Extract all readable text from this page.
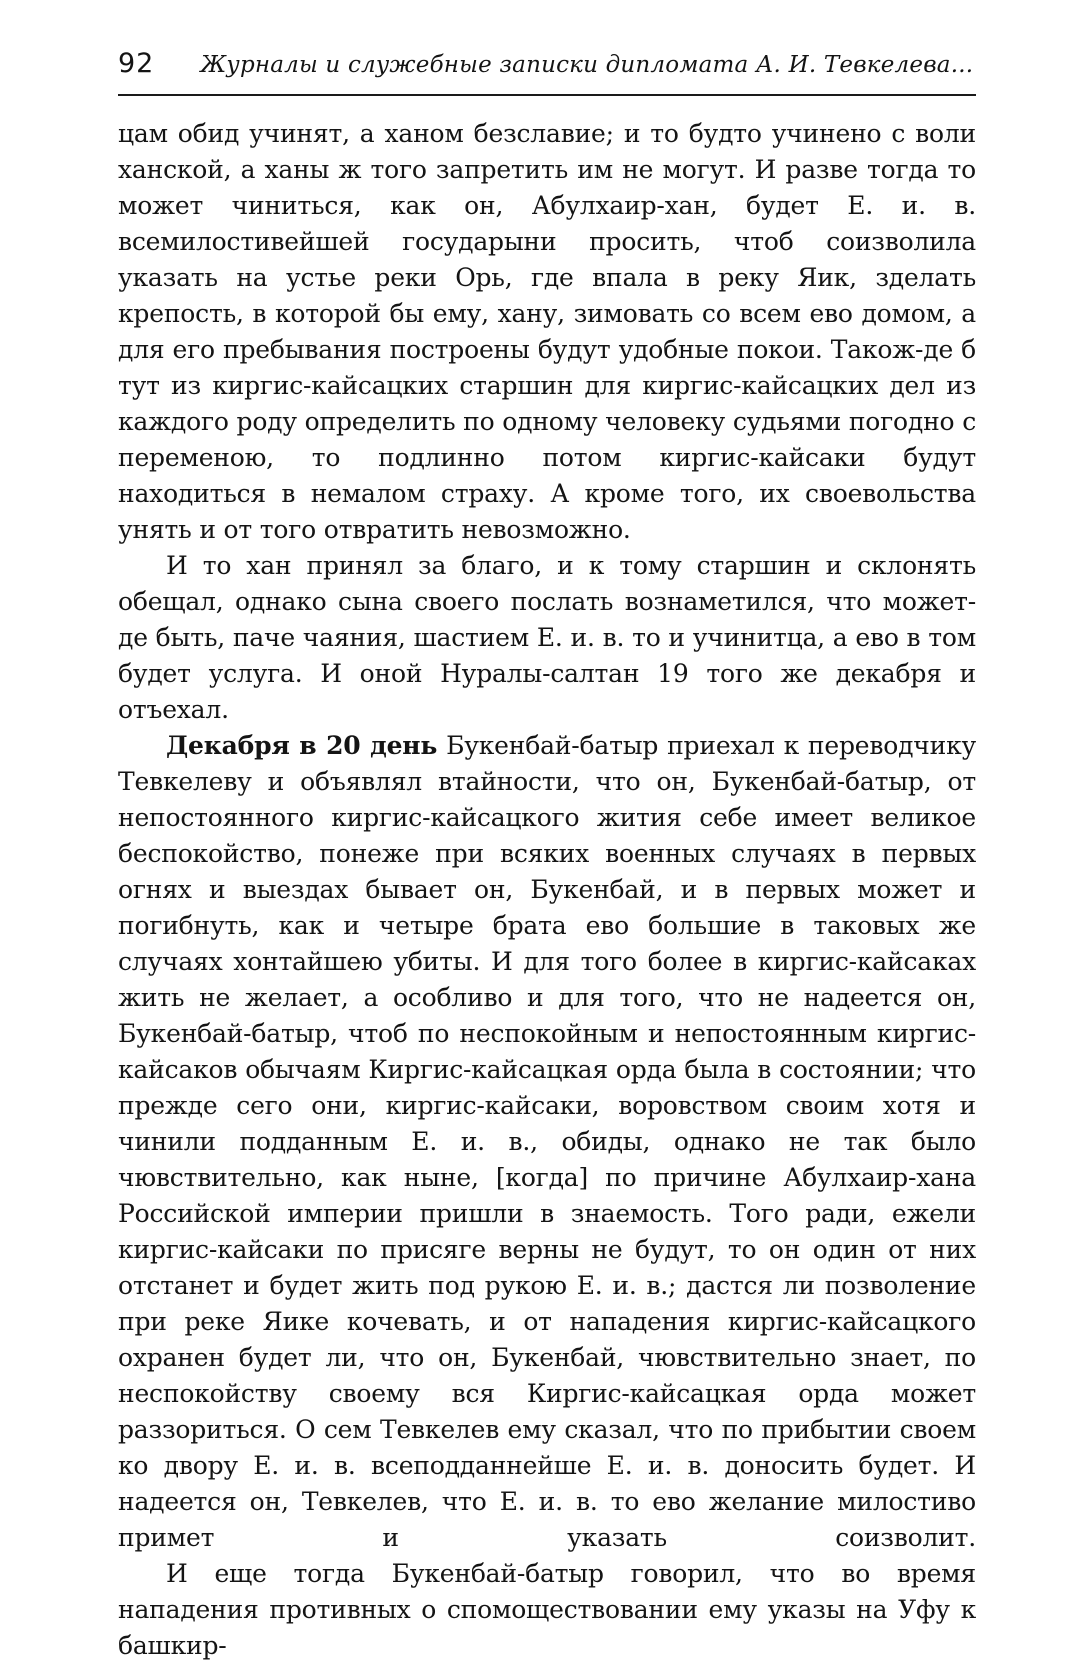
92 Журналы и служебные записки дипломата А. И. Тевкелева...

цам обид учинят, а ханом безславие; и то будто учинено с воли ханской, а ханы ж того запретить им не могут. И разве тогда то может чиниться, как он, Абулхаир-хан, будет Е. и. в. всемилостивейшей государыни просить, чтоб соизволила указать на устье реки Орь, где впала в реку Яик, зделать крепость, в которой бы ему, хану, зимовать со всем ево домом, а для его пребывания построены будут удобные покои. Також-де б тут из киргис-кайсацких старшин для киргис-кайсацких дел из каждого роду определить по одному человеку судьями погодно с переменою, то подлинно потом киргис-кайсаки будут находиться в немалом страху. А кроме того, их своевольства унять и от того отвратить невозможно.

И то хан принял за благо, и к тому старшин и склонять обещал, однако сына своего послать вознаметился, что может-де быть, паче чаяния, шастием Е. и. в. то и учинитца, а ево в том будет услуга. И оной Нуралы-салтан 19 того же декабря и отъехал.

Декабря в 20 день Букенбай-батыр приехал к переводчику Тевкелеву и объявлял втайности, что он, Букенбай-батыр, от непостоянного киргис-кайсацкого жития себе имеет великое беспокойство, понеже при всяких военных случаях в первых огнях и выездах бывает он, Букенбай, и в первых может и погибнуть, как и четыре брата ево большие в таковых же случаях хонтайшею убиты. И для того более в киргис-кайсаках жить не желает, а особливо и для того, что не надеется он, Букенбай-батыр, чтоб по неспокойным и непостоянным киргис-кайсаков обычаям Киргис-кайсацкая орда была в состоянии; что прежде сего они, киргис-кайсаки, воровством своим хотя и чинили подданным Е. и. в., обиды, однако не так было чювствительно, как ныне, [когда] по причине Абулхаир-хана Российской империи пришли в знаемость. Того ради, ежели киргис-кайсаки по присяге верны не будут, то он один от них отстанет и будет жить под рукою Е. и. в.; дастся ли позволение при реке Яике кочевать, и от нападения киргис-кайсацкого охранен будет ли, что он, Букенбай, чювствительно знает, по неспокойству своему вся Киргис-кайсацкая орда может раззориться. О сем Тевкелев ему сказал, что по прибытии своем ко двору Е. и. в. всеподданнейше Е. и. в. доносить будет. И надеется он, Тевкелев, что Е. и. в. то ево желание милостиво примет и указать соизволит.

И еще тогда Букенбай-батыр говорил, что во время нападения противных о спомоществовании ему указы на Уфу к башкир-
